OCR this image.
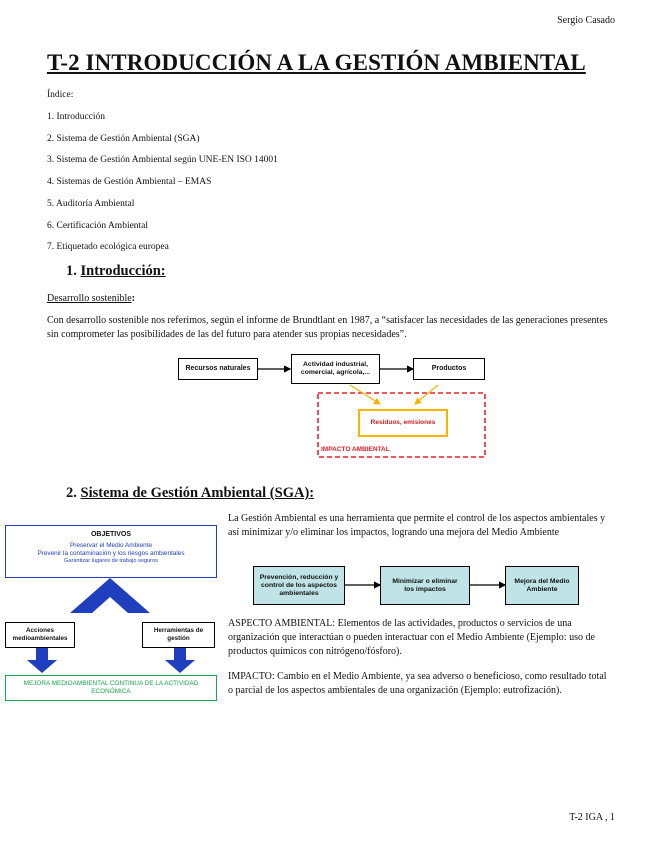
Sergio Casado
T-2 INTRODUCCIÓN A LA GESTIÓN AMBIENTAL
Índice:
1. Introducción
2. Sistema de Gestión Ambiental (SGA)
3. Sistema de Gestión Ambiental según UNE-EN ISO 14001
4. Sistemas de Gestión Ambiental – EMAS
5. Auditoría Ambiental
6. Certificación Ambiental
7. Etiquetado ecológica europea
1. Introducción:
Desarrollo sostenible:
Con desarrollo sostenible nos referimos, según el informe de Brundtlant en 1987, a “satisfacer las necesidades de las generaciones presentes sin comprometer las posibilidades de las del futuro para atender sus propias necesidades”.
Recursos naturales
Actividad industrial, comercial, agrícola,...
Productos
Residuos, emisiones
IMPACTO AMBIENTAL
2. Sistema de Gestión Ambiental (SGA):
OBJETIVOS
Preservar el Medio Ambiente
Prevenir la contaminación y los riesgos ambientales
Garantizar lugares de trabajo seguros
Acciones medioambientales
Herramientas de gestión
MEJORA MEDIOAMBIENTAL CONTINUA DE LA ACTIVIDAD ECONÓMICA
La Gestión Ambiental es una herramienta que permite el control de los aspectos ambientales y así minimizar y/o eliminar los impactos, logrando una mejora del Medio Ambiente
Prevención, reducción y control de los aspectos ambientales
Minimizar o eliminar los impactos
Mejora del Medio Ambiente
ASPECTO AMBIENTAL: Elementos de las actividades, productos o servicios de una organización que interactúan o pueden interactuar con el Medio Ambiente (Ejemplo: uso de productos químicos con nitrógeno/fósforo).
IMPACTO: Cambio en el Medio Ambiente, ya sea adverso o beneficioso, como resultado total o parcial de los aspectos ambientales de una organización (Ejemplo: eutrofización).
T-2 IGA , 1
